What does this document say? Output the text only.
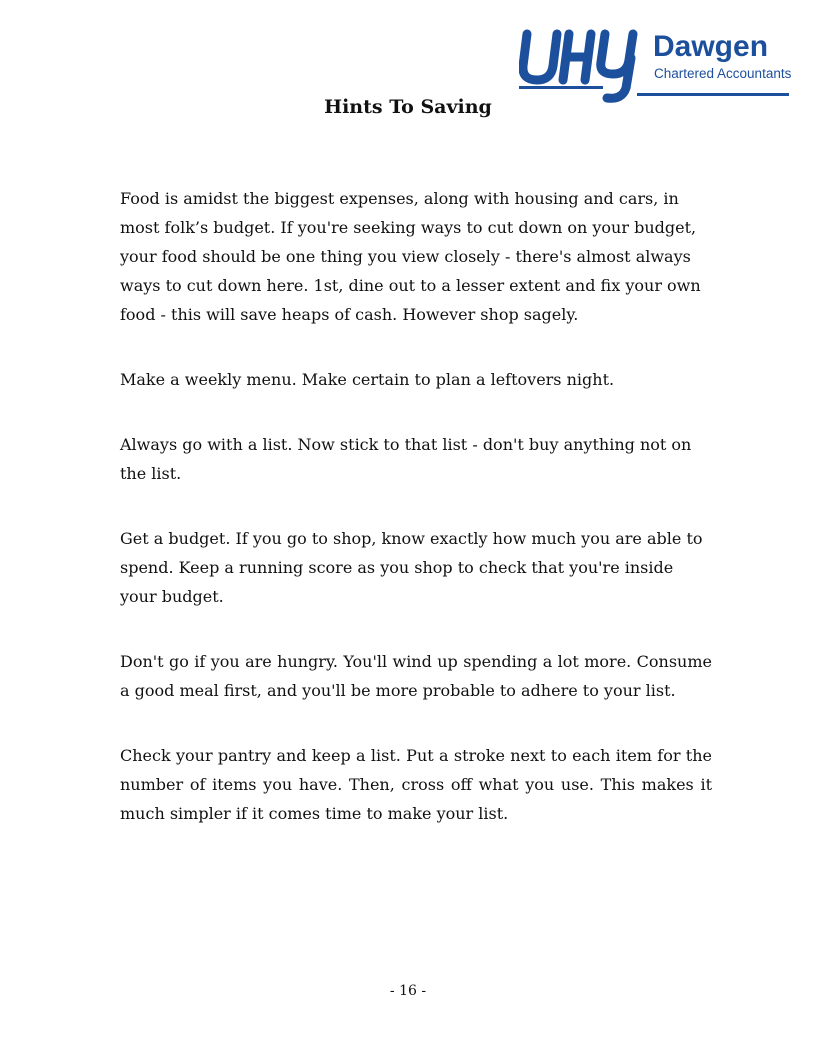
Dawgen
Chartered Accountants
Hints To Saving

Food is amidst the biggest expenses, along with housing and cars, in most folk’s budget. If you're seeking ways to cut down on your budget, your food should be one thing you view closely - there's almost always ways to cut down here. 1st, dine out to a lesser extent and fix your own food - this will save heaps of cash. However shop sagely.

Make a weekly menu. Make certain to plan a leftovers night.

Always go with a list. Now stick to that list - don't buy anything not on the list.

Get a budget. If you go to shop, know exactly how much you are able to spend. Keep a running score as you shop to check that you're inside your budget.

Don't go if you are hungry. You'll wind up spending a lot more. Consume a good meal first, and you'll be more probable to adhere to your list.

Check your pantry and keep a list. Put a stroke next to each item for the number of items you have. Then, cross off what you use. This makes it much simpler if it comes time to make your list.

- 16 -
